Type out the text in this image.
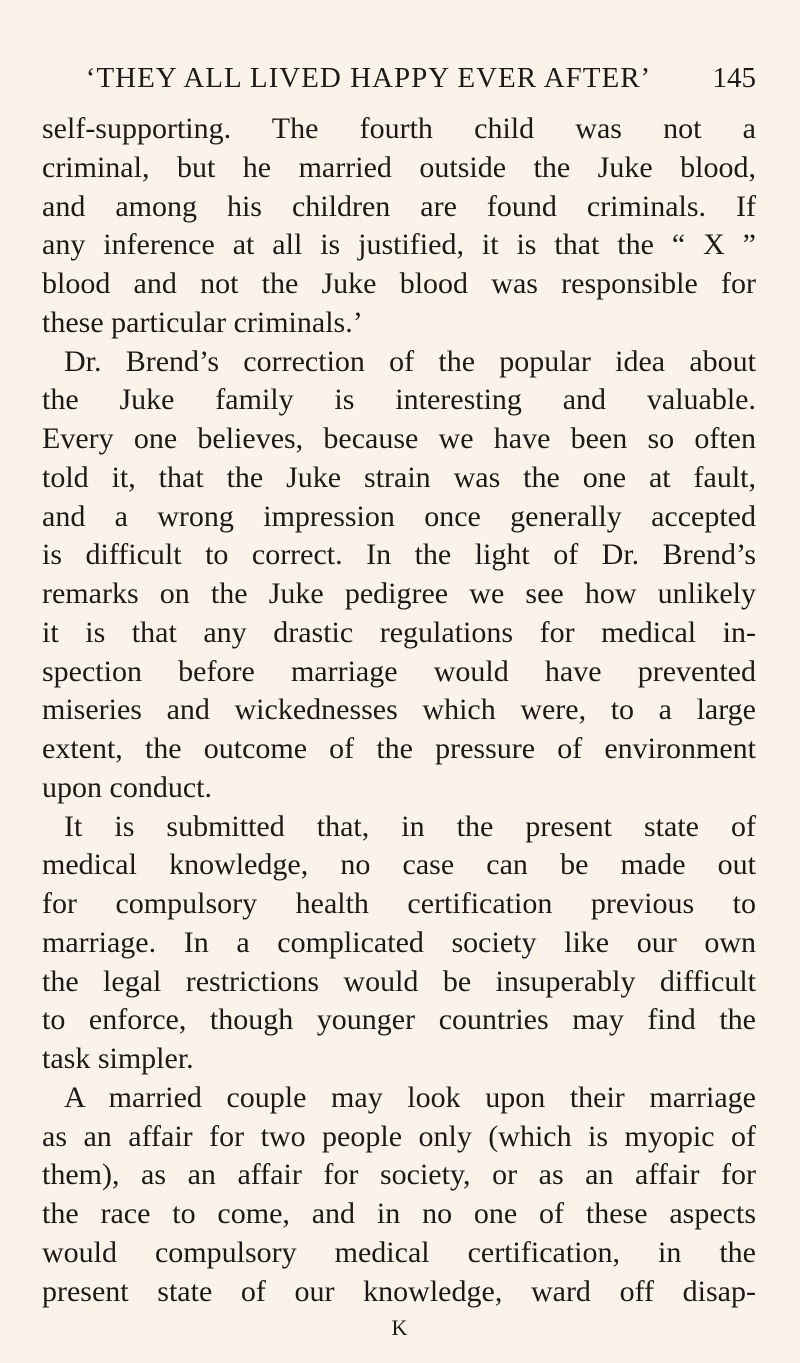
‘THEY ALL LIVED HAPPY EVER AFTER’	145
self-supporting. The fourth child was not a
criminal, but he married outside the Juke blood,
and among his children are found criminals. If
any inference at all is justified, it is that the “ X ”
blood and not the Juke blood was responsible for
these particular criminals.’
Dr. Brend’s correction of the popular idea about
the Juke family is interesting and valuable.
Every one believes, because we have been so often
told it, that the Juke strain was the one at fault,
and a wrong impression once generally accepted
is difficult to correct. In the light of Dr. Brend’s
remarks on the Juke pedigree we see how unlikely
it is that any drastic regulations for medical in-
spection before marriage would have prevented
miseries and wickednesses which were, to a large
extent, the outcome of the pressure of environment
upon conduct.
It is submitted that, in the present state of
medical knowledge, no case can be made out
for compulsory health certification previous to
marriage. In a complicated society like our own
the legal restrictions would be insuperably difficult
to enforce, though younger countries may find the
task simpler.
A married couple may look upon their marriage
as an affair for two people only (which is myopic of
them), as an affair for society, or as an affair for
the race to come, and in no one of these aspects
would compulsory medical certification, in the
present state of our knowledge, ward off disap-
K
